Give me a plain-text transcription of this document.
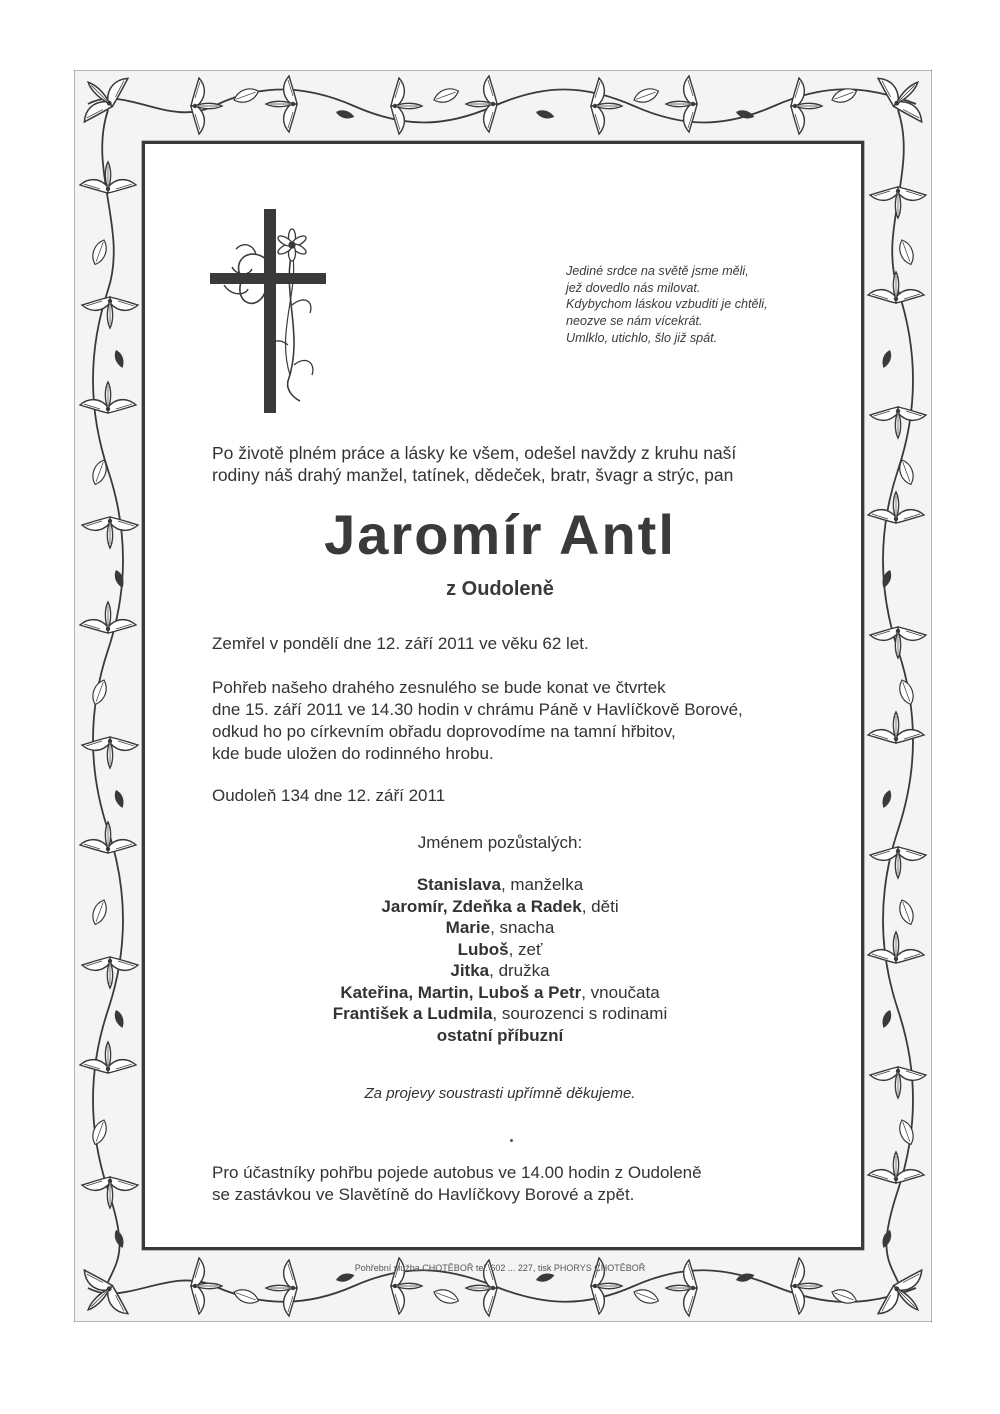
Jediné srdce na světě jsme měli,
jež dovedlo nás milovat.
Kdybychom láskou vzbuditi je chtěli,
neozve se nám vícekrát.
Umlklo, utichlo, šlo již spát.
Po životě plném práce a lásky ke všem, odešel navždy z kruhu naší
rodiny náš drahý manžel, tatínek, dědeček, bratr, švagr a strýc, pan
Jaromír Antl
z Oudoleně
Zemřel v pondělí dne 12. září 2011 ve věku 62 let.
Pohřeb našeho drahého zesnulého se bude konat ve čtvrtek
dne 15. září 2011 ve 14.30 hodin v chrámu Páně v Havlíčkově Borové,
odkud ho po církevním obřadu doprovodíme na tamní hřbitov,
kde bude uložen do rodinného hrobu.
Oudoleň 134 dne 12. září 2011
Jménem pozůstalých:
Stanislava, manželka
Jaromír, Zdeňka a Radek, děti
Marie, snacha
Luboš, zeť
Jitka, družka
Kateřina, Martin, Luboš a Petr, vnoučata
František a Ludmila, sourozenci s rodinami
ostatní příbuzní
Za projevy soustrasti upřímně děkujeme.
Pro účastníky pohřbu pojede autobus ve 14.00 hodin z Oudoleně
se zastávkou ve Slavětíně do Havlíčkovy Borové a zpět.
Pohřební služba CHOTĚBOŘ tel. 602 ... 227, tisk PHORYS CHOTĚBOŘ
